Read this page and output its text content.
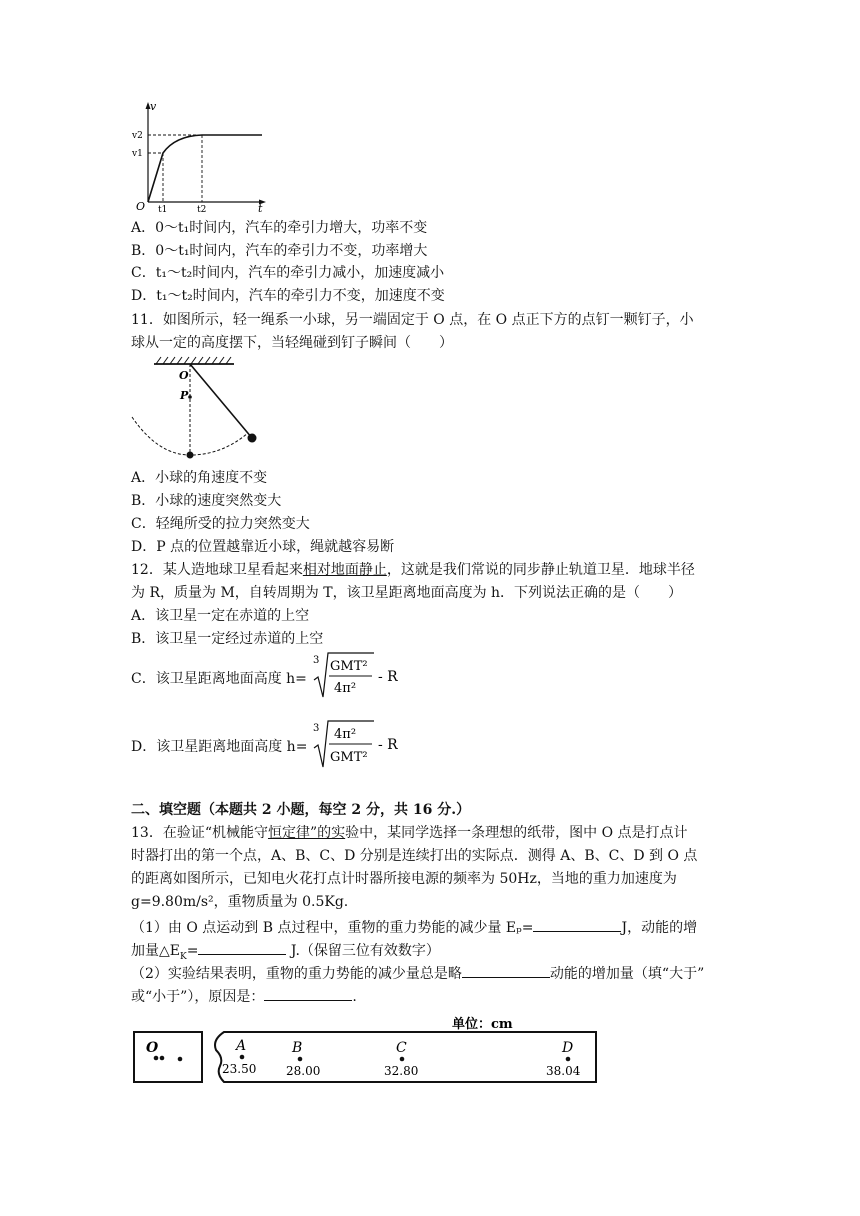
v
t
O
v2
v1
t1	t2
A．0～t₁时间内，汽车的牵引力增大，功率不变
B．0～t₁时间内，汽车的牵引力不变，功率增大
C．t₁～t₂时间内，汽车的牵引力减小，加速度减小
D．t₁～t₂时间内，汽车的牵引力不变，加速度不变
11．如图所示，轻一绳系一小球，另一端固定于 O 点，在 O 点正下方的点钉一颗钉子，小
球从一定的高度摆下，当轻绳碰到钉子瞬间（　　）
O
P
A．小球的角速度不变
B．小球的速度突然变大
C．轻绳所受的拉力突然变大
D．P 点的位置越靠近小球，绳就越容易断
12．某人造地球卫星看起来相对地面静止，这就是我们常说的同步静止轨道卫星．地球半径
为 R，质量为 M，自转周期为 T，该卫星距离地面高度为 h．下列说法正确的是（　　）
A．该卫星一定在赤道的上空
B．该卫星一定经过赤道的上空
C．该卫星距离地面高度 h=
3 GMT²
4π²
- R
D．该卫星距离地面高度 h=
3 4π²
GMT²
- R
二、填空题（本题共 2 小题，每空 2 分，共 16 分.）
13．在验证“机械能守恒定律”的实验中，某同学选择一条理想的纸带，图中 O 点是打点计
时器打出的第一个点，A、B、C、D 分别是连续打出的实际点．测得 A、B、C、D 到 O 点
的距离如图所示，已知电火花打点计时器所接电源的频率为 50Hz，当地的重力加速度为
g=9.80m/s²，重物质量为 0.5Kg.
（1）由 O 点运动到 B 点过程中，重物的重力势能的减少量 Eₚ=	J，动能的增
加量$\triangle E_K=$	J.（保留三位有效数字）
（2）实验结果表明，重物的重力势能的减少量总是略	动能的增加量（填“大于”
或“小于”），原因是：	.
单位：cm
O	A
23.50
B
28.00
C
32.80
D
38.04
